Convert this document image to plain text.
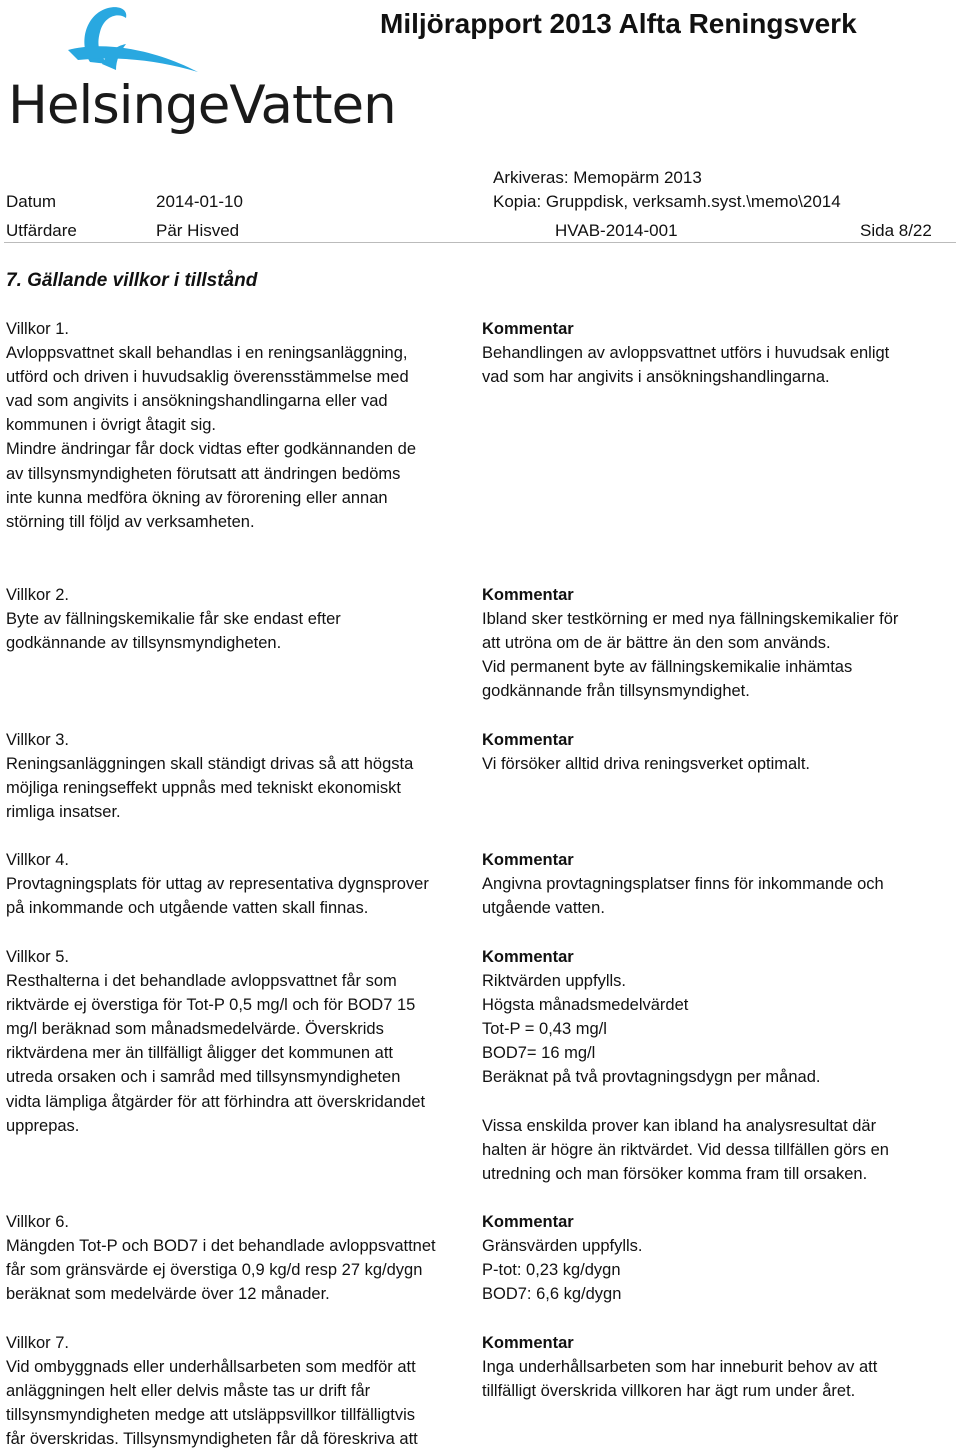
HelsingeVatten
Miljörapport 2013 Alfta Reningsverk
Arkiveras: Memopärm 2013
Kopia: Gruppdisk, verksamh.syst.\memo\2014
Datum	2014-01-10
Utfärdare	Pär Hisved	HVAB-2014-001	Sida 8/22
7. Gällande villkor i tillstånd
Villkor 1.
Avloppsvattnet skall behandlas i en reningsanläggning,
utförd och driven i huvudsaklig överensstämmelse med
vad som angivits i ansökningshandlingarna eller vad
kommunen i övrigt åtagit sig.
Mindre ändringar får dock vidtas efter godkännanden de
av tillsynsmyndigheten förutsatt att ändringen bedöms
inte kunna medföra ökning av förorening eller annan
störning till följd av verksamheten.
Kommentar
Behandlingen av avloppsvattnet utförs i huvudsak enligt
vad som har angivits i ansökningshandlingarna.
Villkor 2.
Byte av fällningskemikalie får ske endast efter
godkännande av tillsynsmyndigheten.
Kommentar
Ibland sker testkörning er med nya fällningskemikalier för
att utröna om de är bättre än den som används.
Vid permanent byte av fällningskemikalie inhämtas
godkännande från tillsynsmyndighet.
Villkor 3.
Reningsanläggningen skall ständigt drivas så att högsta
möjliga reningseffekt uppnås med tekniskt ekonomiskt
rimliga insatser.
Kommentar
Vi försöker alltid driva reningsverket optimalt.
Villkor 4.
Provtagningsplats för uttag av representativa dygnsprover
på inkommande och utgående vatten skall finnas.
Kommentar
Angivna provtagningsplatser finns för inkommande och
utgående vatten.
Villkor 5.
Resthalterna i det behandlade avloppsvattnet får som
riktvärde ej överstiga för Tot-P 0,5 mg/l och för BOD7 15
mg/l beräknad som månadsmedelvärde. Överskrids
riktvärdena mer än tillfälligt åligger det kommunen att
utreda orsaken och i samråd med tillsynsmyndigheten
vidta lämpliga åtgärder för att förhindra att överskridandet
upprepas.
Kommentar
Riktvärden uppfylls.
Högsta månadsmedelvärdet
Tot-P = 0,43 mg/l
BOD7= 16 mg/l
Beräknat på två provtagningsdygn per månad.
Vissa enskilda prover kan ibland ha analysresultat där
halten är högre än riktvärdet. Vid dessa tillfällen görs en
utredning och man försöker komma fram till orsaken.
Villkor 6.
Mängden Tot-P och BOD7 i det behandlade avloppsvattnet
får som gränsvärde ej överstiga 0,9 kg/d resp 27 kg/dygn
beräknat som medelvärde över 12 månader.
Kommentar
Gränsvärden uppfylls.
P-tot: 0,23 kg/dygn
BOD7: 6,6 kg/dygn
Villkor 7.
Vid ombyggnads eller underhållsarbeten som medför att
anläggningen helt eller delvis måste tas ur drift får
tillsynsmyndigheten medge att utsläppsvillkor tillfälligtvis
får överskridas. Tillsynsmyndigheten får då föreskriva att
Kommentar
Inga underhållsarbeten som har inneburit behov av att
tillfälligt överskrida villkoren har ägt rum under året.
